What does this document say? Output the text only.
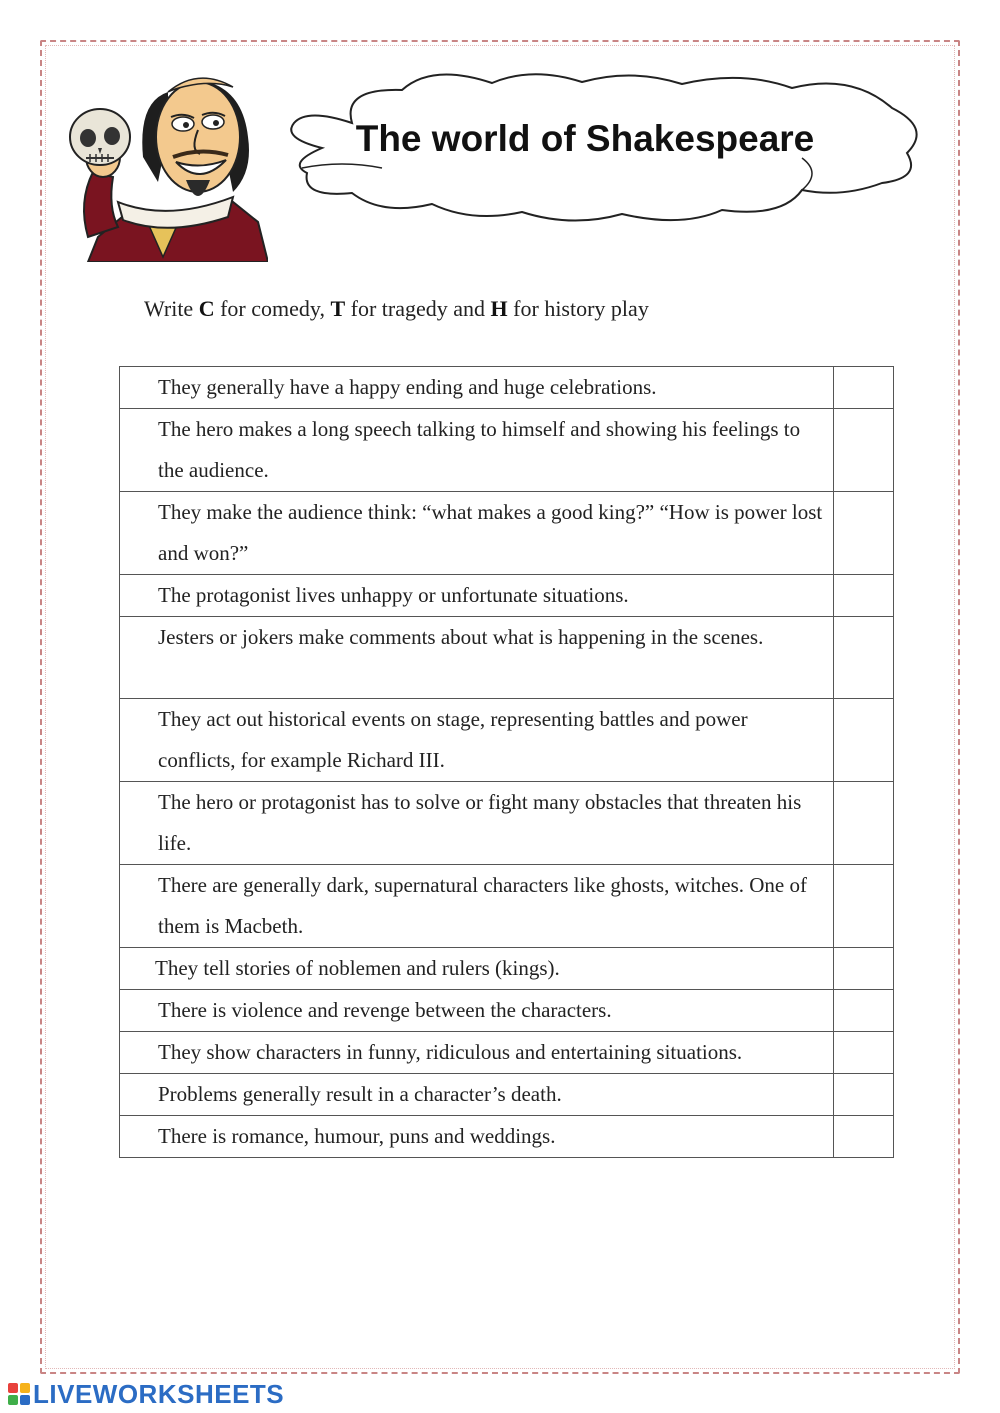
The world of Shakespeare

Write C for comedy, T for tragedy and H for history play

They generally have a happy ending and huge celebrations.	
The hero makes a long speech talking to himself and showing his feelings to the audience.	
They make the audience think: “what makes a good king?” “How is power lost and won?”	
The protagonist lives unhappy or unfortunate situations.	
Jesters or jokers make comments about what is happening in the scenes.	
They act out historical events on stage, representing battles and power conflicts, for example Richard III.	
The hero or protagonist has to solve or fight many obstacles that threaten his life.	
There are generally dark, supernatural characters like ghosts, witches. One of them is Macbeth.	
They tell stories of noblemen and rulers (kings).	
There is violence and revenge between the characters.	
They show characters in funny, ridiculous and entertaining situations.	
Problems generally result in a character’s death.	
There is romance, humour, puns and weddings.	
LIVEWORKSHEETS
